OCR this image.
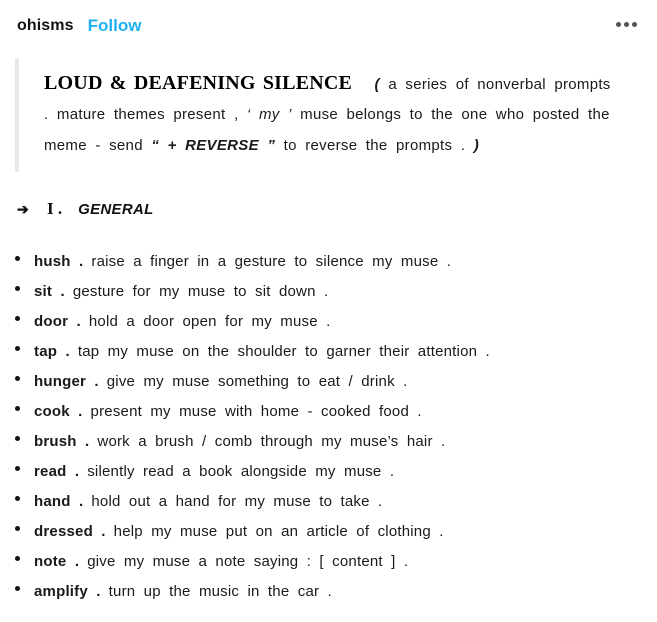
ohisms Follow
LOUD & DEAFENING SILENCE ( a series of nonverbal prompts
. mature themes present , ‘ my ’ muse belongs to the one who posted the
meme - send “ + REVERSE ” to reverse the prompts . )
➔	I . GENERAL
hush . raise a finger in a gesture to silence my muse .
sit . gesture for my muse to sit down .
door . hold a door open for my muse .
tap . tap my muse on the shoulder to garner their attention .
hunger . give my muse something to eat / drink .
cook . present my muse with home - cooked food .
brush . work a brush / comb through my muse’s hair .
read . silently read a book alongside my muse .
hand . hold out a hand for my muse to take .
dressed . help my muse put on an article of clothing .
note . give my muse a note saying : [ content ] .
amplify . turn up the music in the car .
